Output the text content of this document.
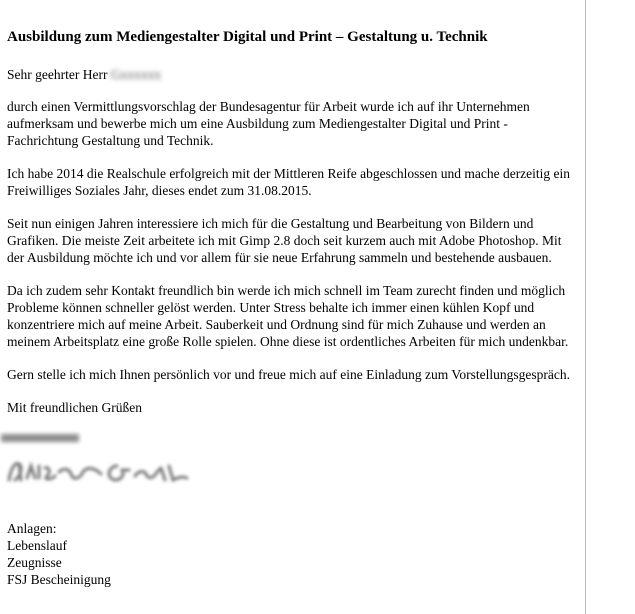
Ausbildung zum Mediengestalter Digital und Print – Gestaltung u. Technik
Sehr geehrter Herr Gxxxxxx
durch einen Vermittlungsvorschlag der Bundesagentur für Arbeit wurde ich auf ihr Unternehmen aufmerksam und bewerbe mich um eine Ausbildung zum Mediengestalter Digital und Print - Fachrichtung Gestaltung und Technik.
Ich habe 2014 die Realschule erfolgreich mit der Mittleren Reife abgeschlossen und mache derzeitig ein Freiwilliges Soziales Jahr, dieses endet zum 31.08.2015.
Seit nun einigen Jahren interessiere ich mich für die Gestaltung und Bearbeitung von Bildern und Grafiken. Die meiste Zeit arbeitete ich mit Gimp 2.8 doch seit kurzem auch mit Adobe Photoshop. Mit der Ausbildung möchte ich und vor allem für sie neue Erfahrung sammeln und bestehende ausbauen.
Da ich zudem sehr Kontakt freundlich bin werde ich mich schnell im Team zurecht finden und möglich Probleme können schneller gelöst werden. Unter Stress behalte ich immer einen kühlen Kopf und konzentriere mich auf meine Arbeit. Sauberkeit und Ordnung sind für mich Zuhause und werden an meinem Arbeitsplatz eine große Rolle spielen. Ohne diese ist ordentliches Arbeiten für mich undenkbar.
Gern stelle ich mich Ihnen persönlich vor und freue mich auf eine Einladung zum Vorstellungsgespräch.
Mit freundlichen Grüßen
Anlagen:
Lebenslauf
Zeugnisse
FSJ Bescheinigung
